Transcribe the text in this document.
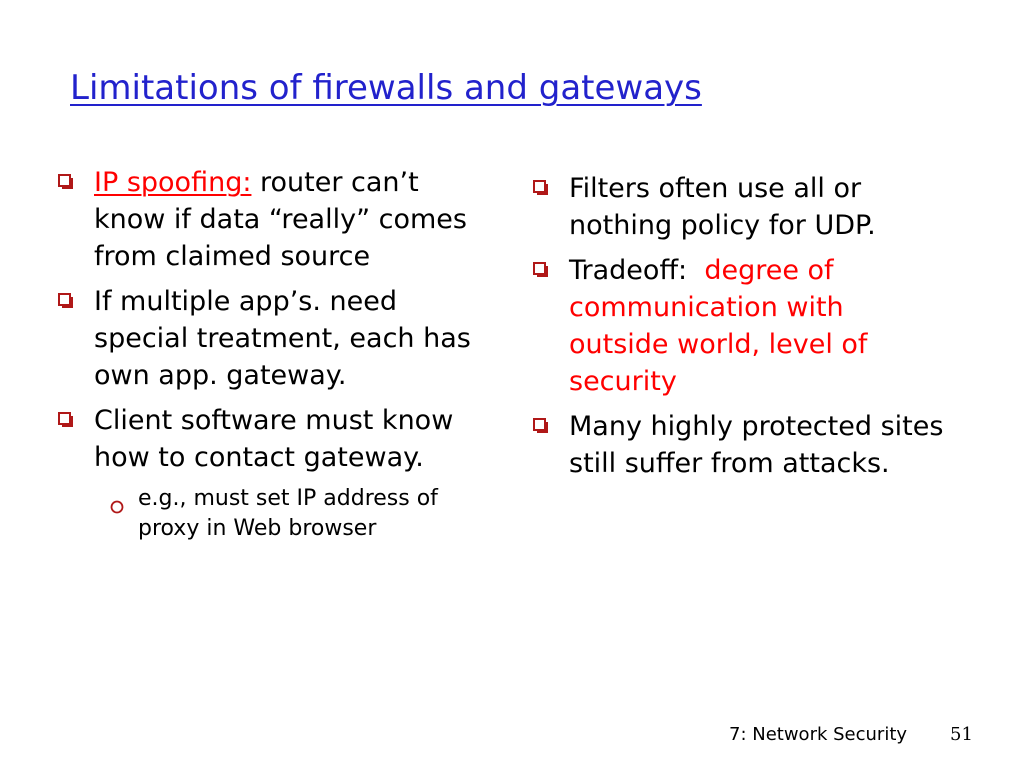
Limitations of firewalls and gateways
IP spoofing: router can’t know if data “really” comes from claimed source
If multiple app’s. need special treatment, each has own app. gateway.
Client software must know how to contact gateway.
e.g., must set IP address of proxy in Web browser
Filters often use all or nothing policy for UDP.
Tradeoff:  degree of communication with outside world, level of security
Many highly protected sites still suffer from attacks.
7: Network Security 51
